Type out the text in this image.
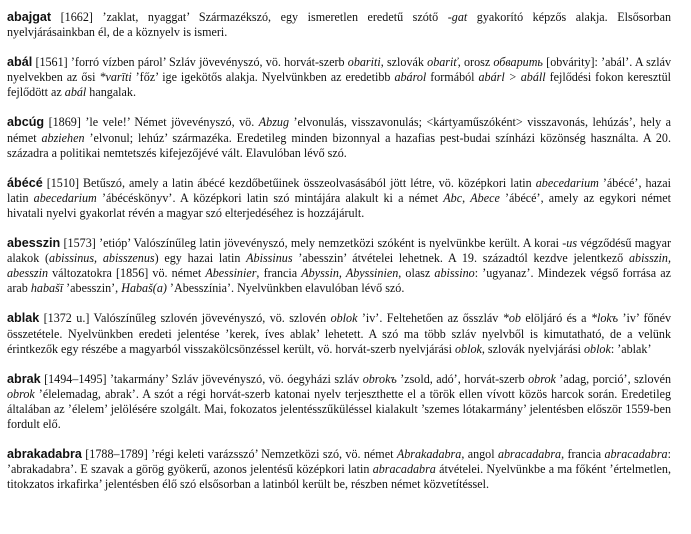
abajgat [1662] ’zaklat, nyaggat’ Származékszó, egy ismeretlen eredetű szótő -gat gyakorító képzős alakja. Elsősorban nyelvjárásainkban él, de a köznyelv is ismeri.

abál [1561] ’forró vízben párol’ Szláv jövevényszó, vö. horvát-szerb obariti, szlovák obariť, orosz обварить [obvárity]: ’abál’. A szláv nyelvekben az ősi *varīti ’főz’ ige igekötős alakja. Nyelvünkben az eredetibb abárol formából abárl > abáll fejlődési fokon keresztül fejlődött az abál hangalak.

abcúg [1869] ’le vele!’ Német jövevényszó, vö. Abzug ’elvonulás, visszavonulás; <kártyaműszóként> visszavonás, lehúzás’, hely a német abziehen ’elvonul; lehúz’ származéka. Eredetileg minden bizonnyal a hazafias pest-budai színházi közönség használta. A 20. századra a politikai nemtetszés kifejezőjévé vált. Elavulóban lévő szó.

ábécé [1510] Betűszó, amely a latin ábécé kezdőbetűinek összeolvasásából jött létre, vö. középkori latin abecedarium ’ábécé’, hazai latin abecedarium ’ábécéskönyv’. A középkori latin szó mintájára alakult ki a német Abc, Abece ’ábécé’, amely az egykori német hivatali nyelvi gyakorlat révén a magyar szó elterjedéséhez is hozzájárult.

abesszin [1573] ’etióp’ Valószínűleg latin jövevényszó, mely nemzetközi szóként is nyelvünkbe került. A korai -us végződésű magyar alakok (abissinus, abisszenus) egy hazai latin Abissinus ’abesszin’ átvételei lehetnek. A 19. századtól kezdve jelentkező abisszin, abesszin változatokra [1856] vö. német Abessinier, francia Abyssin, Abyssinien, olasz abissino: ’ugyanaz’. Mindezek végső forrása az arab habašī ’abesszin’, Habaš(a) ’Abesszínia’. Nyelvünkben elavulóban lévő szó.

ablak [1372 u.] Valószínűleg szlovén jövevényszó, vö. szlovén oblok ’iv’. Feltehetően az ősszláv *ob elöljáró és a *lokъ ’iv’ főnév összetétele. Nyelvünkben eredeti jelentése ’kerek, íves ablak’ lehetett. A szó ma több szláv nyelvből is kimutatható, de a velünk érintkezők egy részébe a magyarból visszakölcsönzéssel került, vö. horvát-szerb nyelvjárási oblok, szlovák nyelvjárási oblok: ’ablak’

abrak [1494–1495] ’takarmány’ Szláv jövevényszó, vö. óegyházi szláv obrokъ ’zsold, adó’, horvát-szerb obrok ’adag, porció’, szlovén obrok ’élelemadag, abrak’. A szót a régi horvát-szerb katonai nyelv terjeszthette el a török ellen vívott közös harcok során. Eredetileg általában az ’élelem’ jelölésére szolgált. Mai, fokozatos jelentésszűküléssel kialakult ’szemes lótakarmány’ jelentésben először 1559-ben fordult elő.

abrakadabra [1788–1789] ’régi keleti varázsszó’ Nemzetközi szó, vö. német Abrakadabra, angol abracadabra, francia abracadabra: ’abrakadabra’. E szavak a görög gyökerű, azonos jelentésű középkori latin abracadabra átvételei. Nyelvünkbe a ma főként ’értelmetlen, titokzatos irkafirka’ jelentésben élő szó elsősorban a latinból került be, részben német közvetítéssel.
